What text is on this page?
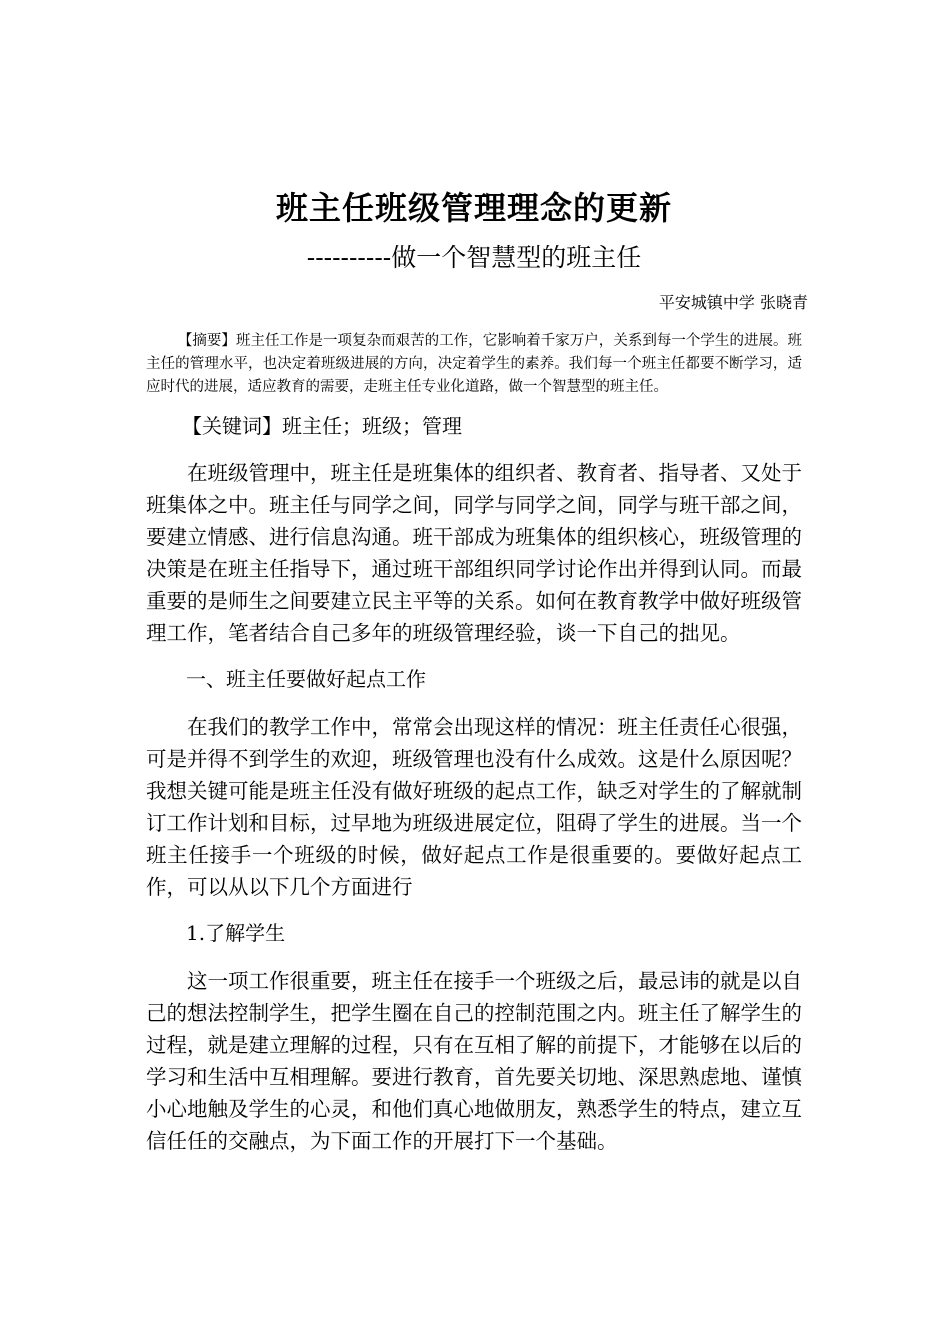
班主任班级管理理念的更新
----------做一个智慧型的班主任
平安城镇中学 张晓青

【摘要】班主任工作是一项复杂而艰苦的工作，它影响着千家万户，关系到每一个学生的进展。班主任的管理水平，也决定着班级进展的方向，决定着学生的素养。我们每一个班主任都要不断学习，适应时代的进展，适应教育的需要，走班主任专业化道路，做一个智慧型的班主任。

【关键词】班主任；班级；管理

在班级管理中，班主任是班集体的组织者、教育者、指导者、又处于班集体之中。班主任与同学之间，同学与同学之间，同学与班干部之间，要建立情感、进行信息沟通。班干部成为班集体的组织核心，班级管理的决策是在班主任指导下，通过班干部组织同学讨论作出并得到认同。而最重要的是师生之间要建立民主平等的关系。如何在教育教学中做好班级管理工作，笔者结合自己多年的班级管理经验，谈一下自己的拙见。

一、班主任要做好起点工作

在我们的教学工作中，常常会出现这样的情况：班主任责任心很强，可是并得不到学生的欢迎，班级管理也没有什么成效。这是什么原因呢？我想关键可能是班主任没有做好班级的起点工作，缺乏对学生的了解就制订工作计划和目标，过早地为班级进展定位，阻碍了学生的进展。当一个班主任接手一个班级的时候，做好起点工作是很重要的。要做好起点工作，可以从以下几个方面进行

1.了解学生

这一项工作很重要，班主任在接手一个班级之后，最忌讳的就是以自己的想法控制学生，把学生圈在自己的控制范围之内。班主任了解学生的过程，就是建立理解的过程，只有在互相了解的前提下，才能够在以后的学习和生活中互相理解。要进行教育，首先要关切地、深思熟虑地、谨慎小心地触及学生的心灵，和他们真心地做朋友，熟悉学生的特点，建立互信任任的交融点，为下面工作的开展打下一个基础。
